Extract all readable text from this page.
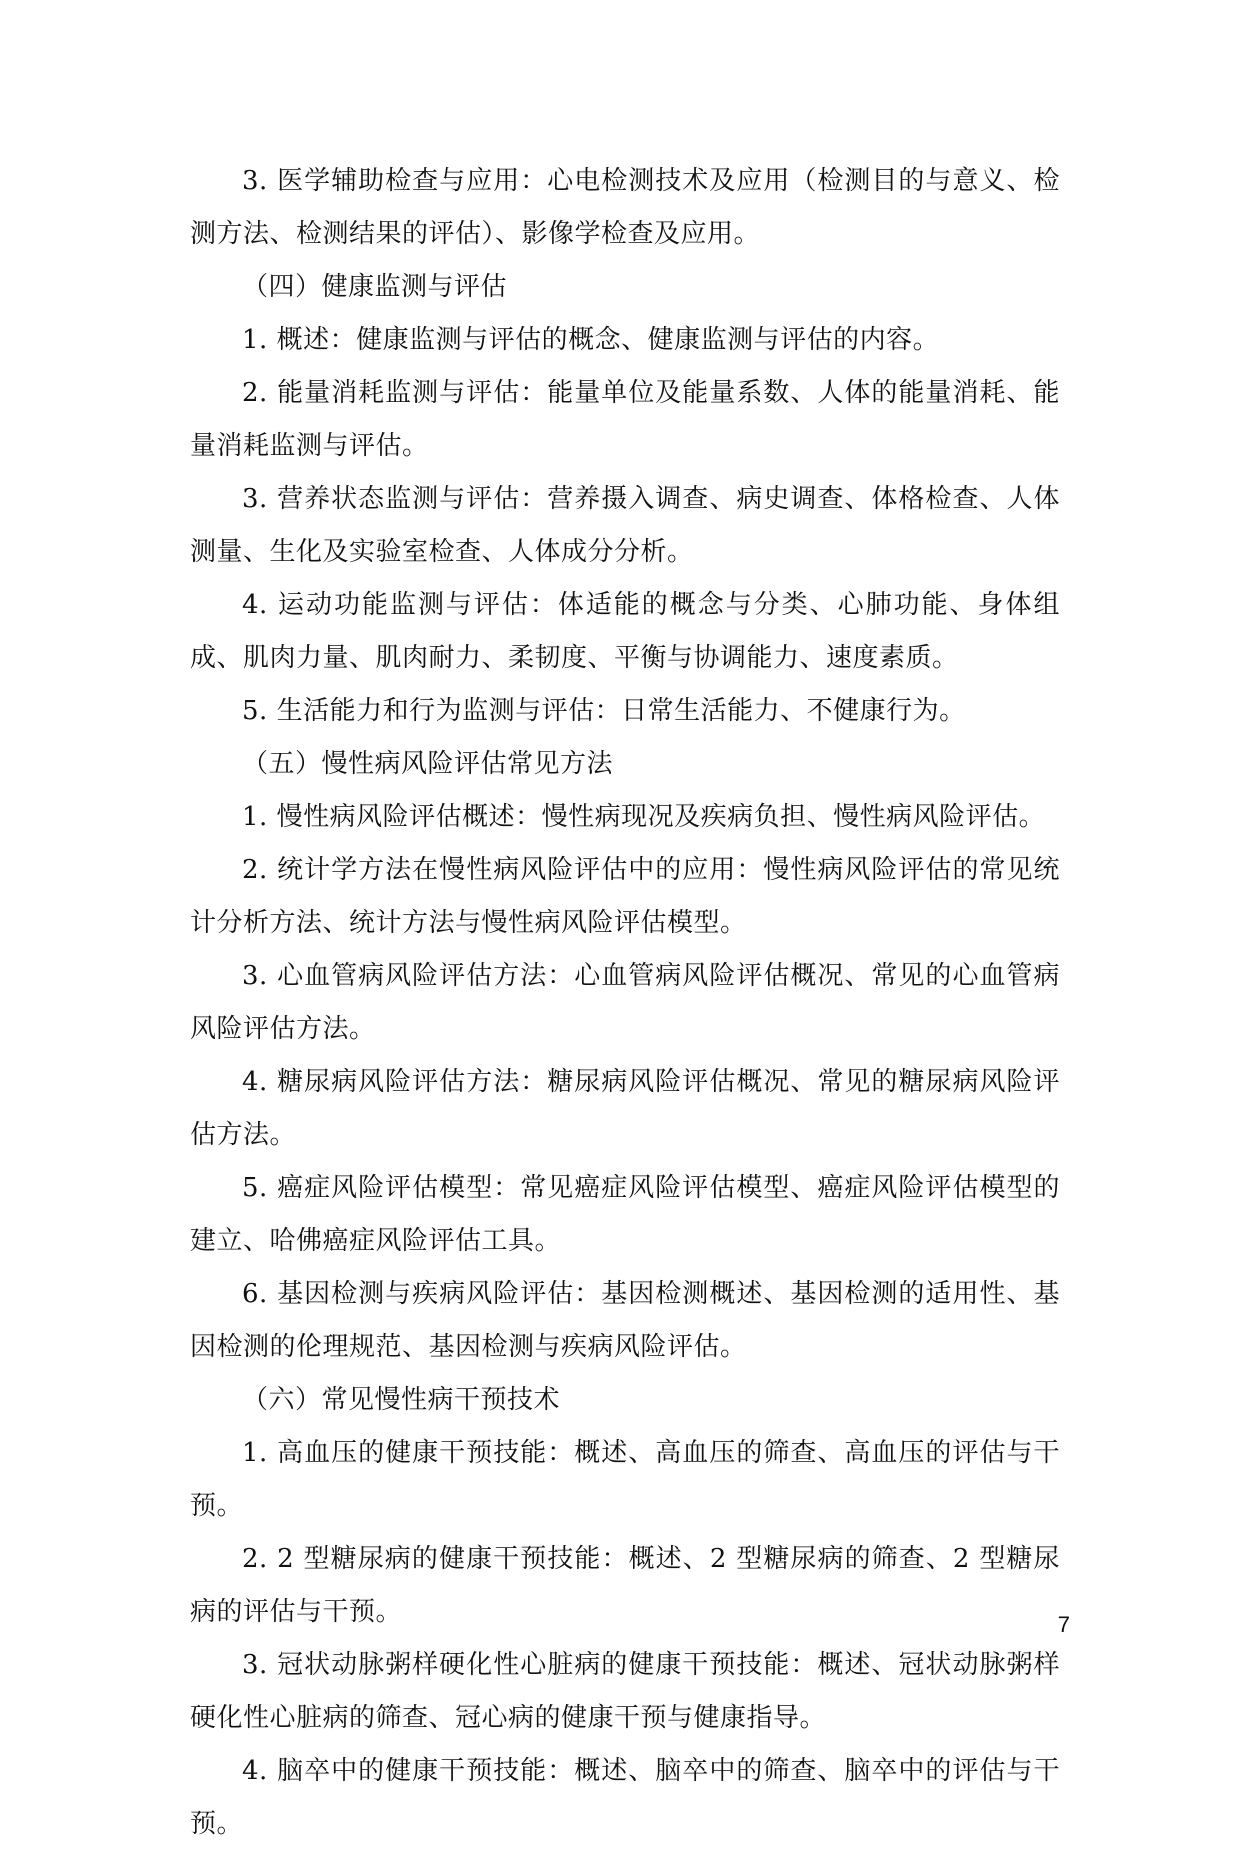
3. 医学辅助检查与应用：心电检测技术及应用（检测目的与意义、检测方法、检测结果的评估）、影像学检查及应用。

（四）健康监测与评估

1. 概述：健康监测与评估的概念、健康监测与评估的内容。

2. 能量消耗监测与评估：能量单位及能量系数、人体的能量消耗、能量消耗监测与评估。

3. 营养状态监测与评估：营养摄入调查、病史调查、体格检查、人体测量、生化及实验室检查、人体成分分析。

4. 运动功能监测与评估：体适能的概念与分类、心肺功能、身体组成、肌肉力量、肌肉耐力、柔韧度、平衡与协调能力、速度素质。

5. 生活能力和行为监测与评估：日常生活能力、不健康行为。

（五）慢性病风险评估常见方法

1. 慢性病风险评估概述：慢性病现况及疾病负担、慢性病风险评估。

2. 统计学方法在慢性病风险评估中的应用：慢性病风险评估的常见统计分析方法、统计方法与慢性病风险评估模型。

3. 心血管病风险评估方法：心血管病风险评估概况、常见的心血管病风险评估方法。

4. 糖尿病风险评估方法：糖尿病风险评估概况、常见的糖尿病风险评估方法。

5. 癌症风险评估模型：常见癌症风险评估模型、癌症风险评估模型的建立、哈佛癌症风险评估工具。

6. 基因检测与疾病风险评估：基因检测概述、基因检测的适用性、基因检测的伦理规范、基因检测与疾病风险评估。

（六）常见慢性病干预技术

1. 高血压的健康干预技能：概述、高血压的筛查、高血压的评估与干预。

2. 2 型糖尿病的健康干预技能：概述、2 型糖尿病的筛查、2 型糖尿病的评估与干预。

3. 冠状动脉粥样硬化性心脏病的健康干预技能：概述、冠状动脉粥样硬化性心脏病的筛查、冠心病的健康干预与健康指导。

4. 脑卒中的健康干预技能：概述、脑卒中的筛查、脑卒中的评估与干预。

7
